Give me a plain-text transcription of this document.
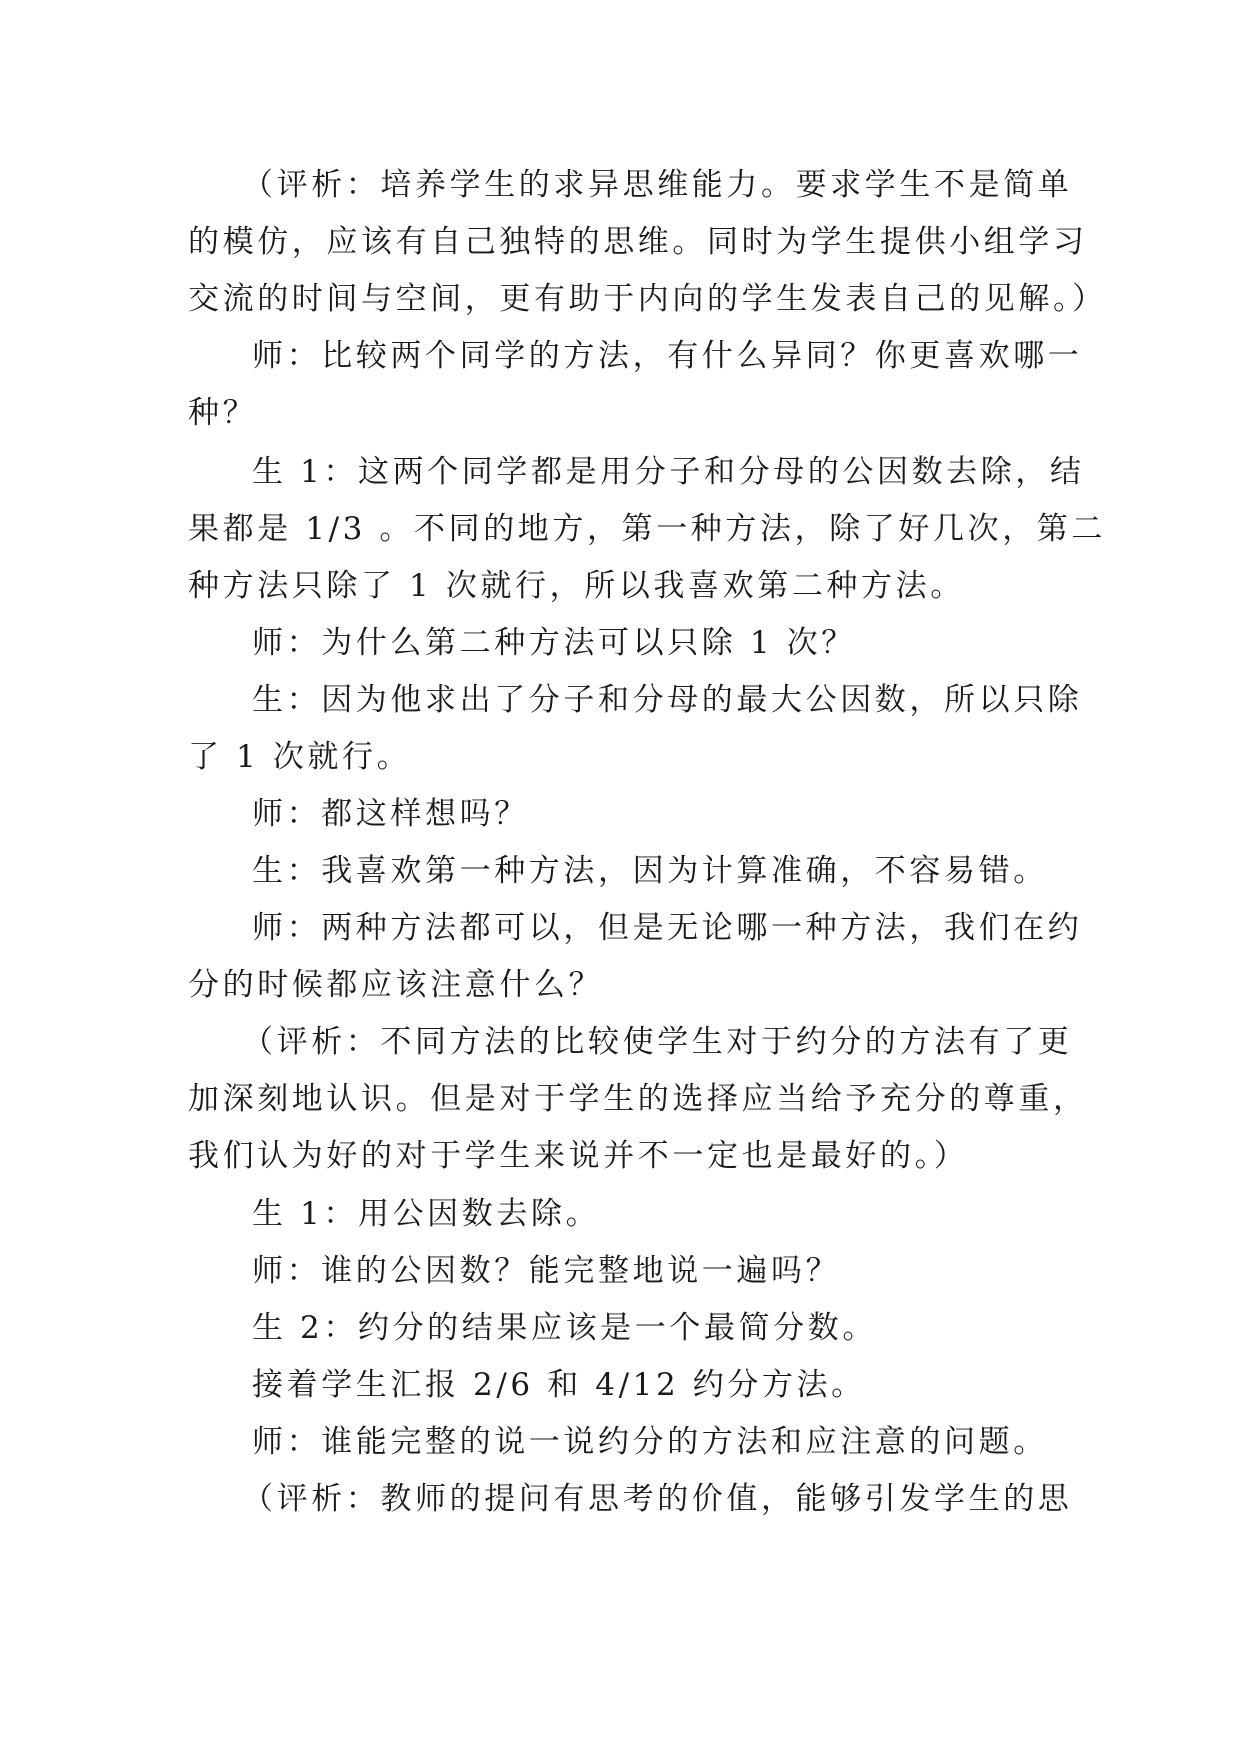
（评析：培养学生的求异思维能力。要求学生不是简单
的模仿，应该有自己独特的思维。同时为学生提供小组学习
交流的时间与空间，更有助于内向的学生发表自己的见解。）
师：比较两个同学的方法，有什么异同？你更喜欢哪一
种？
生 1：这两个同学都是用分子和分母的公因数去除，结
果都是 1/3 。不同的地方，第一种方法，除了好几次，第二
种方法只除了 1 次就行，所以我喜欢第二种方法。
师：为什么第二种方法可以只除 1 次？
生：因为他求出了分子和分母的最大公因数，所以只除
了 1 次就行。
师：都这样想吗？
生：我喜欢第一种方法，因为计算准确，不容易错。
师：两种方法都可以，但是无论哪一种方法，我们在约
分的时候都应该注意什么？
（评析：不同方法的比较使学生对于约分的方法有了更
加深刻地认识。但是对于学生的选择应当给予充分的尊重，
我们认为好的对于学生来说并不一定也是最好的。）
生 1：用公因数去除。
师：谁的公因数？能完整地说一遍吗？
生 2：约分的结果应该是一个最简分数。
接着学生汇报 2/6 和 4/12 约分方法。
师：谁能完整的说一说约分的方法和应注意的问题。
（评析：教师的提问有思考的价值，能够引发学生的思
